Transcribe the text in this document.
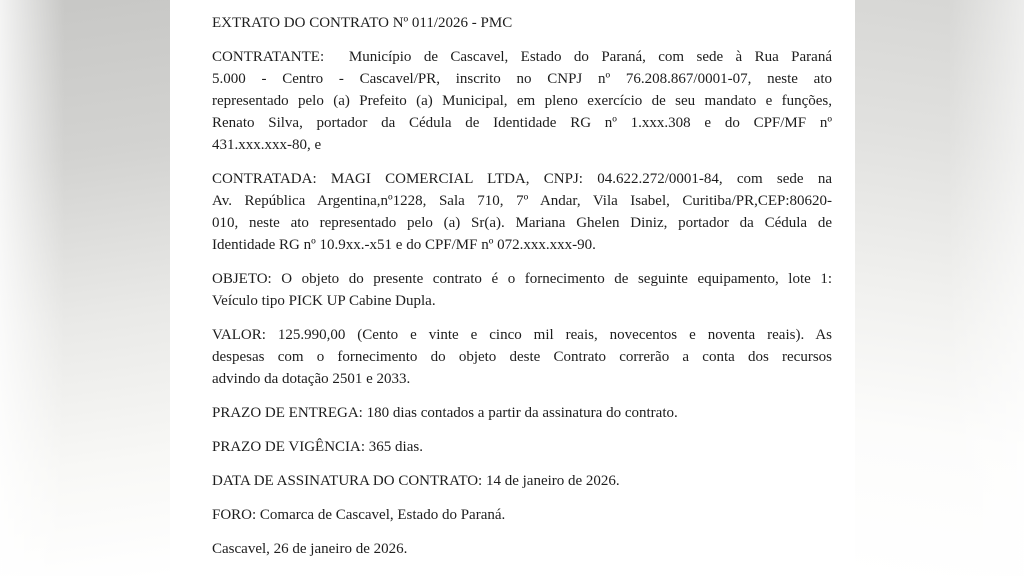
EXTRATO DO CONTRATO Nº 011/2026 - PMC
CONTRATANTE:  Município de Cascavel, Estado do Paraná, com sede à Rua Paraná
5.000 - Centro - Cascavel/PR, inscrito no CNPJ nº 76.208.867/0001-07, neste ato
representado pelo (a) Prefeito (a) Municipal, em pleno exercício de seu mandato e funções,
Renato Silva, portador da Cédula de Identidade RG nº 1.xxx.308 e do CPF/MF nº
431.xxx.xxx-80, e
CONTRATADA: MAGI COMERCIAL LTDA, CNPJ: 04.622.272/0001-84, com sede na
Av. República Argentina,nº1228, Sala 710, 7º Andar, Vila Isabel, Curitiba/PR,CEP:80620-
010, neste ato representado pelo (a) Sr(a). Mariana Ghelen Diniz, portador da Cédula de
Identidade RG nº 10.9xx.-x51 e do CPF/MF nº 072.xxx.xxx-90.
OBJETO: O objeto do presente contrato é o fornecimento de seguinte equipamento, lote 1:
Veículo tipo PICK UP Cabine Dupla.
VALOR: 125.990,00 (Cento e vinte e cinco mil reais, novecentos e noventa reais). As
despesas com o fornecimento do objeto deste Contrato correrão a conta dos recursos
advindo da dotação 2501 e 2033.
PRAZO DE ENTREGA: 180 dias contados a partir da assinatura do contrato.
PRAZO DE VIGÊNCIA: 365 dias.
DATA DE ASSINATURA DO CONTRATO: 14 de janeiro de 2026.
FORO: Comarca de Cascavel, Estado do Paraná.
Cascavel, 26 de janeiro de 2026.
